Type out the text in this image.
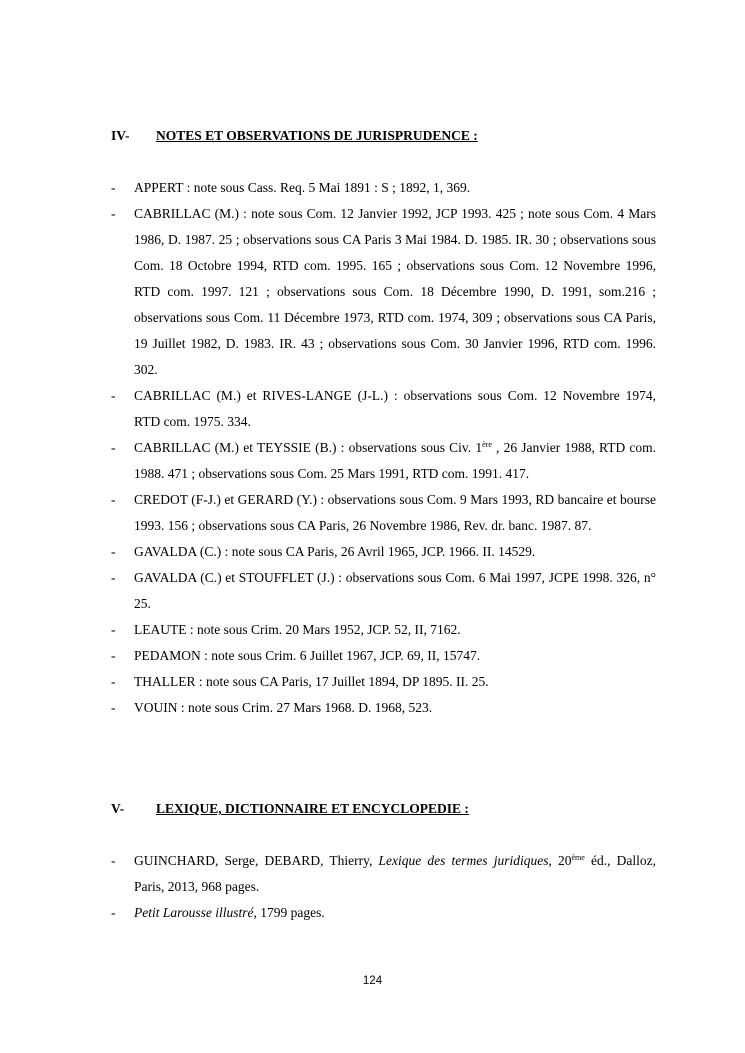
IV-	NOTES ET OBSERVATIONS DE JURISPRUDENCE :
- APPERT : note sous Cass. Req. 5 Mai 1891 : S ; 1892, 1, 369.
- CABRILLAC (M.) : note sous Com. 12 Janvier 1992, JCP 1993. 425 ; note sous Com. 4 Mars 1986, D. 1987. 25 ; observations sous CA Paris 3 Mai 1984. D. 1985. IR. 30 ; observations sous Com. 18 Octobre 1994, RTD com. 1995. 165 ; observations sous Com. 12 Novembre 1996, RTD com. 1997. 121 ; observations sous Com. 18 Décembre 1990, D. 1991, som.216 ; observations sous Com. 11 Décembre 1973, RTD com. 1974, 309 ; observations sous CA Paris, 19 Juillet 1982, D. 1983. IR. 43 ; observations sous Com. 30 Janvier 1996, RTD com. 1996. 302.
- CABRILLAC (M.) et RIVES-LANGE (J-L.) : observations sous Com. 12 Novembre 1974, RTD com. 1975. 334.
- CABRILLAC (M.) et TEYSSIE (B.) : observations sous Civ. 1ère , 26 Janvier 1988, RTD com. 1988. 471 ; observations sous Com. 25 Mars 1991, RTD com. 1991. 417.
- CREDOT (F-J.) et GERARD (Y.) : observations sous Com. 9 Mars 1993, RD bancaire et bourse 1993. 156 ; observations sous CA Paris, 26 Novembre 1986, Rev. dr. banc. 1987. 87.
- GAVALDA (C.) : note sous CA Paris, 26 Avril 1965, JCP. 1966. II. 14529.
- GAVALDA (C.) et STOUFFLET (J.) : observations sous Com. 6 Mai 1997, JCPE 1998. 326, n° 25.
- LEAUTE : note sous Crim. 20 Mars 1952, JCP. 52, II, 7162.
- PEDAMON : note sous Crim. 6 Juillet 1967, JCP. 69, II, 15747.
- THALLER : note sous CA Paris, 17 Juillet 1894, DP 1895. II. 25.
- VOUIN : note sous Crim. 27 Mars 1968. D. 1968, 523.
V-	LEXIQUE, DICTIONNAIRE ET ENCYCLOPEDIE :
- GUINCHARD, Serge, DEBARD, Thierry, Lexique des termes juridiques, 20ème éd., Dalloz, Paris, 2013, 968 pages.
- Petit Larousse illustré, 1799 pages.
124
